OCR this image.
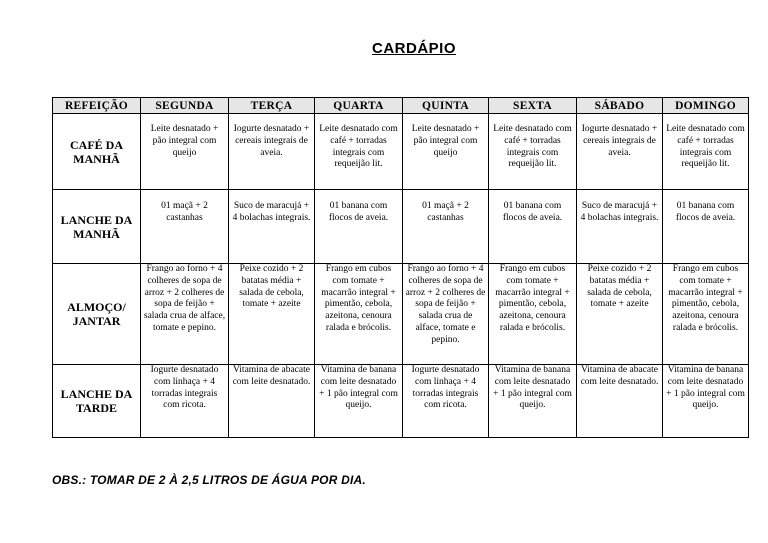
CARDÁPIO
REFEIÇÃO	SEGUNDA	TERÇA	QUARTA	QUINTA	SEXTA	SÁBADO	DOMINGO
CAFÉ DA MANHÃ	Leite desnatado + pão integral com queijo	Iogurte desnatado + cereais integrais de aveia.	Leite desnatado com café + torradas integrais com requeijão lit.	Leite desnatado + pão integral com queijo	Leite desnatado com café + torradas integrais com requeijão lit.	Iogurte desnatado + cereais integrais de aveia.	Leite desnatado com café + torradas integrais com requeijão lit.
LANCHE DA MANHÃ	01 maçã + 2 castanhas	Suco de maracujá + 4 bolachas integrais.	01 banana com flocos de aveia.	01 maçã + 2 castanhas	01 banana com flocos de aveia.	Suco de maracujá + 4 bolachas integrais.	01 banana com flocos de aveia.
ALMOÇO/ JANTAR	Frango ao forno + 4 colheres de sopa de arroz + 2 colheres de sopa de feijão + salada crua de alface, tomate e pepino.	Peixe cozido + 2 batatas média + salada de cebola, tomate + azeite	Frango em cubos com tomate + macarrão integral + pimentão, cebola, azeitona, cenoura ralada e brócolis.	Frango ao forno + 4 colheres de sopa de arroz + 2 colheres de sopa de feijão + salada crua de alface, tomate e pepino.	Frango em cubos com tomate + macarrão integral + pimentão, cebola, azeitona, cenoura ralada e brócolis.	Peixe cozido + 2 batatas média + salada de cebola, tomate + azeite	Frango em cubos com tomate + macarrão integral + pimentão, cebola, azeitona, cenoura ralada e brócolis.
LANCHE DA TARDE	Iogurte desnatado com linhaça + 4 torradas integrais com ricota.	Vitamina de abacate com leite desnatado.	Vitamina de banana com leite desnatado + 1 pão integral com queijo.	Iogurte desnatado com linhaça + 4 torradas integrais com ricota.	Vitamina de banana com leite desnatado + 1 pão integral com queijo.	Vitamina de abacate com leite desnatado.	Vitamina de banana com leite desnatado + 1 pão integral com queijo.
OBS.: TOMAR DE 2 À 2,5 LITROS DE ÁGUA POR DIA.
